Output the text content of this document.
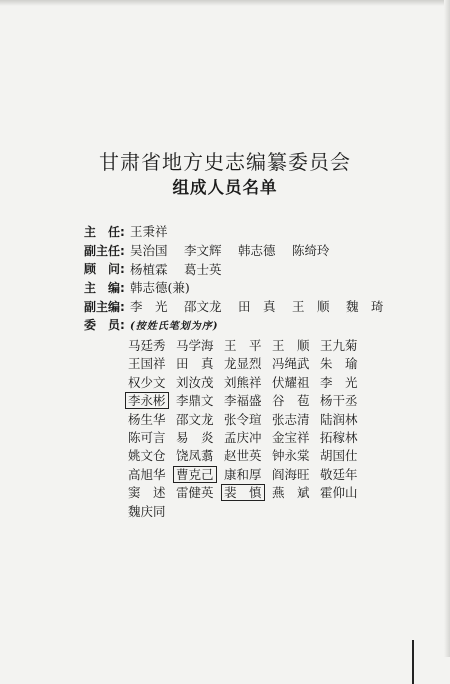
甘肃省地方史志编纂委员会
组成人员名单
主　任: 王秉祥
副主任: 吴治国	李文辉	韩志德	陈绮玲
顾　问: 杨植霖	葛士英
主　编: 韩志德(兼)
副主编: 李　光	邵文龙	田　真	王　顺	魏　琦
委　员: (按姓氏笔划为序)
马廷秀 马学海 王　平 王　顺 王九菊
王国祥 田　真 龙显烈 冯绳武 朱　瑜
权少文 刘汝茂 刘熊祥 伏耀祖 李　光
李永彬 李鼎文 李福盛 谷　苞 杨干丞
杨生华 邵文龙 张令瑄 张志清 陆润林
陈可言 易　炎 孟庆冲 金宝祥 拓稼林
姚文仓 饶凤翥 赵世英 钟永棠 胡国仕
高旭华 曹克己 康和厚 阎海旺 敬廷年
窦　述 雷健英 裴　慎 燕　斌 霍仰山
魏庆同
